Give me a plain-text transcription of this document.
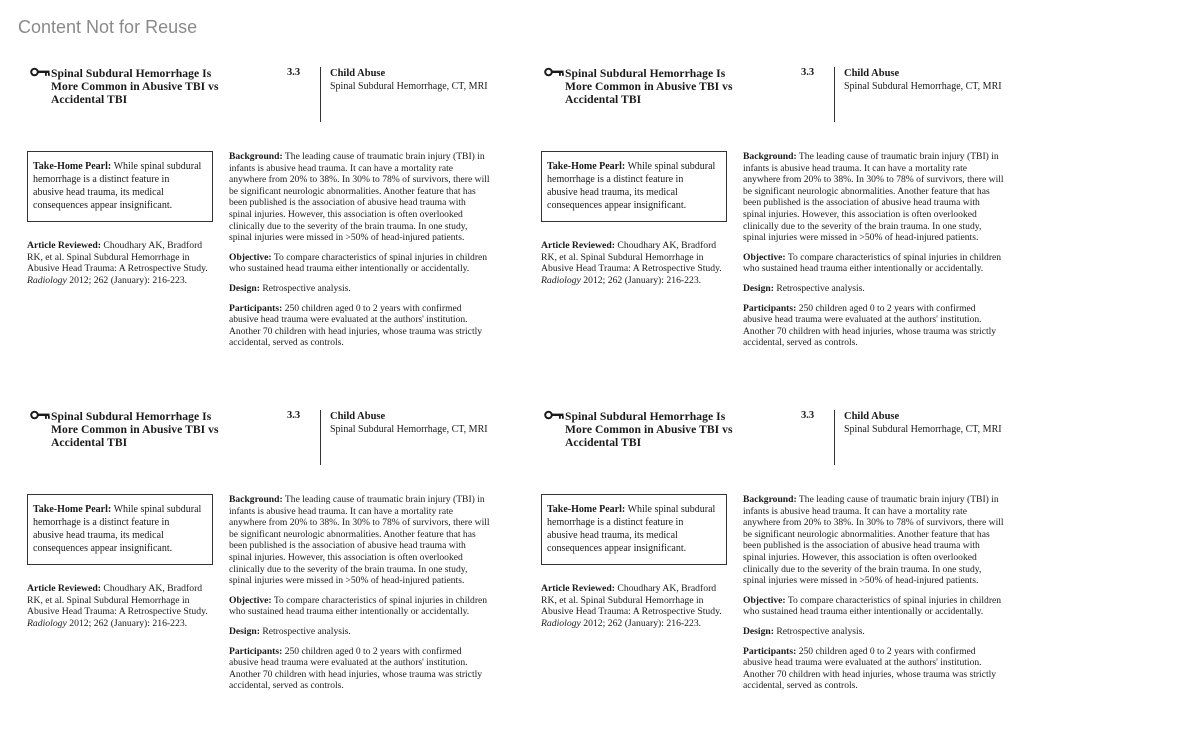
Content Not for Reuse
Spinal Subdural Hemorrhage Is More Common in Abusive TBI vs Accidental TBI
3.3	Child Abuse
Spinal Subdural Hemorrhage, CT, MRI
Take-Home Pearl: While spinal subdural hemorrhage is a distinct feature in abusive head trauma, its medical consequences appear insignificant.
Article Reviewed: Choudhary AK, Bradford RK, et al. Spinal Subdural Hemorrhage in Abusive Head Trauma: A Retrospective Study. Radiology 2012; 262 (January): 216-223.

Background: The leading cause of traumatic brain injury (TBI) in infants is abusive head trauma. It can have a mortality rate anywhere from 20% to 38%. In 30% to 78% of survivors, there will be significant neurologic abnormalities. Another feature that has been published is the association of abusive head trauma with spinal injuries. However, this association is often overlooked clinically due to the severity of the brain trauma. In one study, spinal injuries were missed in >50% of head-injured patients.

Objective: To compare characteristics of spinal injuries in children who sustained head trauma either intentionally or accidentally.

Design: Retrospective analysis.

Participants: 250 children aged 0 to 2 years with confirmed abusive head trauma were evaluated at the authors' institution. Another 70 children with head injuries, whose trauma was strictly accidental, served as controls.

Spinal Subdural Hemorrhage Is More Common in Abusive TBI vs Accidental TBI
3.3	Child Abuse
Spinal Subdural Hemorrhage, CT, MRI
Take-Home Pearl: While spinal subdural hemorrhage is a distinct feature in abusive head trauma, its medical consequences appear insignificant.
Article Reviewed: Choudhary AK, Bradford RK, et al. Spinal Subdural Hemorrhage in Abusive Head Trauma: A Retrospective Study. Radiology 2012; 262 (January): 216-223.

Background: The leading cause of traumatic brain injury (TBI) in infants is abusive head trauma. It can have a mortality rate anywhere from 20% to 38%. In 30% to 78% of survivors, there will be significant neurologic abnormalities. Another feature that has been published is the association of abusive head trauma with spinal injuries. However, this association is often overlooked clinically due to the severity of the brain trauma. In one study, spinal injuries were missed in >50% of head-injured patients.

Objective: To compare characteristics of spinal injuries in children who sustained head trauma either intentionally or accidentally.

Design: Retrospective analysis.

Participants: 250 children aged 0 to 2 years with confirmed abusive head trauma were evaluated at the authors' institution. Another 70 children with head injuries, whose trauma was strictly accidental, served as controls.

Spinal Subdural Hemorrhage Is More Common in Abusive TBI vs Accidental TBI
3.3	Child Abuse
Spinal Subdural Hemorrhage, CT, MRI
Take-Home Pearl: While spinal subdural hemorrhage is a distinct feature in abusive head trauma, its medical consequences appear insignificant.
Article Reviewed: Choudhary AK, Bradford RK, et al. Spinal Subdural Hemorrhage in Abusive Head Trauma: A Retrospective Study. Radiology 2012; 262 (January): 216-223.

Background: The leading cause of traumatic brain injury (TBI) in infants is abusive head trauma. It can have a mortality rate anywhere from 20% to 38%. In 30% to 78% of survivors, there will be significant neurologic abnormalities. Another feature that has been published is the association of abusive head trauma with spinal injuries. However, this association is often overlooked clinically due to the severity of the brain trauma. In one study, spinal injuries were missed in >50% of head-injured patients.

Objective: To compare characteristics of spinal injuries in children who sustained head trauma either intentionally or accidentally.

Design: Retrospective analysis.

Participants: 250 children aged 0 to 2 years with confirmed abusive head trauma were evaluated at the authors' institution. Another 70 children with head injuries, whose trauma was strictly accidental, served as controls.

Spinal Subdural Hemorrhage Is More Common in Abusive TBI vs Accidental TBI
3.3	Child Abuse
Spinal Subdural Hemorrhage, CT, MRI
Take-Home Pearl: While spinal subdural hemorrhage is a distinct feature in abusive head trauma, its medical consequences appear insignificant.
Article Reviewed: Choudhary AK, Bradford RK, et al. Spinal Subdural Hemorrhage in Abusive Head Trauma: A Retrospective Study. Radiology 2012; 262 (January): 216-223.

Background: The leading cause of traumatic brain injury (TBI) in infants is abusive head trauma. It can have a mortality rate anywhere from 20% to 38%. In 30% to 78% of survivors, there will be significant neurologic abnormalities. Another feature that has been published is the association of abusive head trauma with spinal injuries. However, this association is often overlooked clinically due to the severity of the brain trauma. In one study, spinal injuries were missed in >50% of head-injured patients.

Objective: To compare characteristics of spinal injuries in children who sustained head trauma either intentionally or accidentally.

Design: Retrospective analysis.

Participants: 250 children aged 0 to 2 years with confirmed abusive head trauma were evaluated at the authors' institution. Another 70 children with head injuries, whose trauma was strictly accidental, served as controls.
